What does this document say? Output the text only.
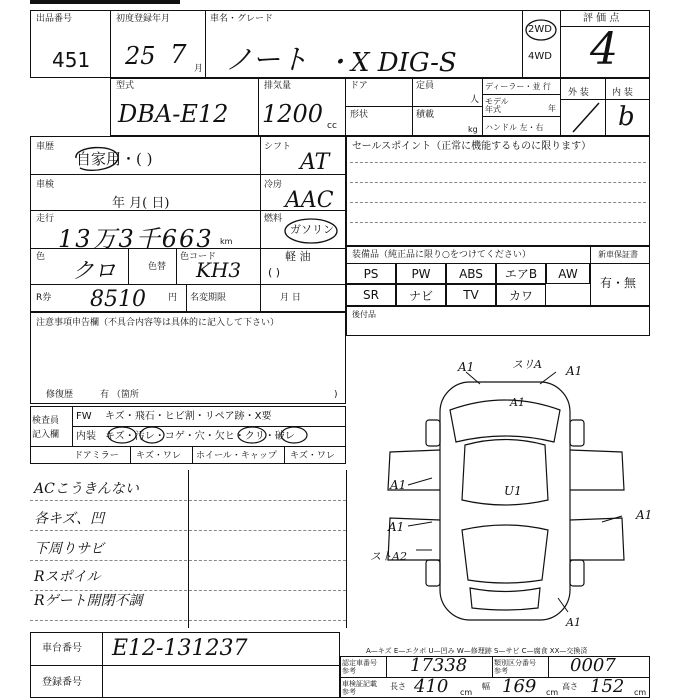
出品番号
451
初度登録年月
25 7 月
車名・グレード
ノート ・X DIG-S
2WD
4WD
評 価 点
4
型式
DBA-E12
排気量
1200 cc
ドア	定員
人
形状	積載
kg
ディーラー・並 行
モデル
年式	年
ハンドル 左・右
外 装	内 装
b
車歴
自家用・( )
シフト
AT
車検
年 月( 日)
冷房
AAC
走行
13万3千663 km
燃料
ガソリン
色
クロ	色替
色コード
KH3
軽 油
( )
R券 8510 円 名変期限	月 日
セールスポイント（正常に機能するものに限ります）
装備品（純正品に限り○をつけてください）	新車保証書
有・無
PS	PW	ABS	エアB	AW
SR	ナビ	TV	カワ
後付品
注意事項申告欄（不具合内容等は具体的に記入して下さい）
修復歴	有 （箇所	)
検査員
記入欄
FW キズ・飛石・ヒビ割・リペア跡・X要
内装 キズ・汚レ・コゲ・穴・欠ヒ・クリ・破レ
ドアミラー キズ・ワレ ホイール・キャップ キズ・ワレ
ACこうきんない
各キズ、凹
下周りサビ
Rスポイル
Rゲート開閉不調
A1	スリA A1
A1
A1	U1
A1
A1
ストA2
A1
車台番号 E12-131237
登録番号
A—キズ E—エクボ U—凹み W—修理跡 S—サビ C—腐食 XX—交換済
認定車番号
参考	17338	類別区分番号
参考	0007
車検証記載
参考
長さ 410 cm
幅 169 cm
高さ 152 cm
